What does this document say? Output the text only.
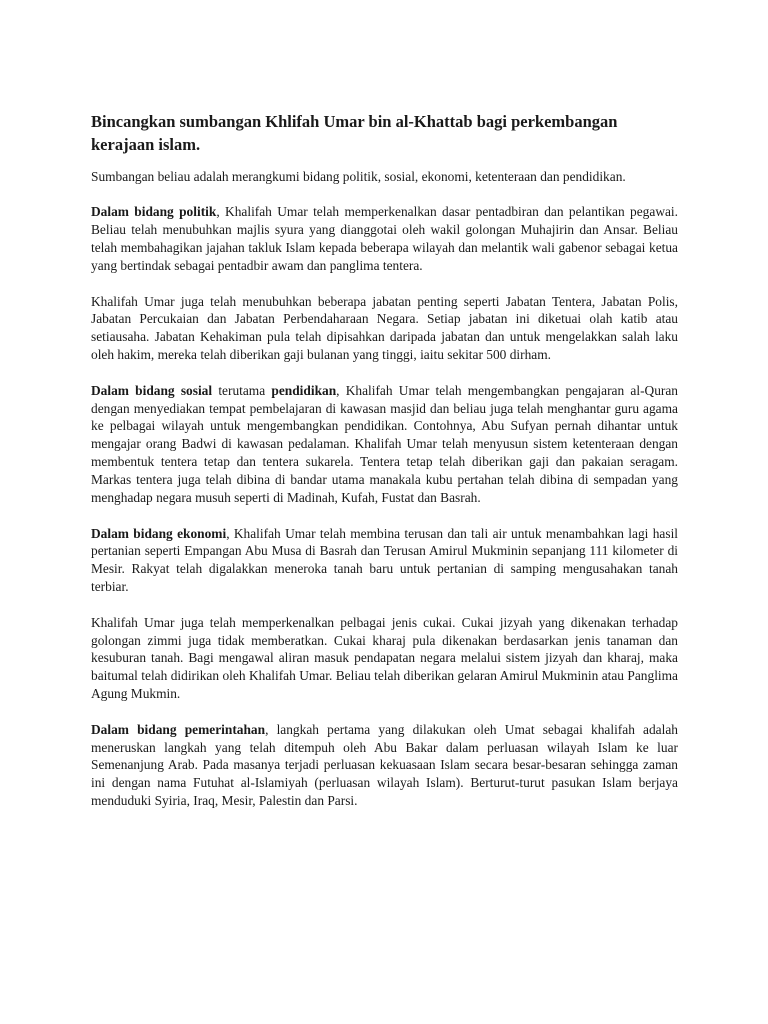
Bincangkan sumbangan Khlifah Umar bin al-Khattab bagi perkembangan kerajaan islam.

Sumbangan beliau adalah merangkumi bidang politik, sosial, ekonomi, ketenteraan dan pendidikan.

Dalam bidang politik, Khalifah Umar telah memperkenalkan dasar pentadbiran dan pelantikan pegawai. Beliau telah menubuhkan majlis syura yang dianggotai oleh wakil golongan Muhajirin dan Ansar. Beliau telah membahagikan jajahan takluk Islam kepada beberapa wilayah dan melantik wali gabenor sebagai ketua yang bertindak sebagai pentadbir awam dan panglima tentera.

Khalifah Umar juga telah menubuhkan beberapa jabatan penting seperti Jabatan Tentera, Jabatan Polis, Jabatan Percukaian dan Jabatan Perbendaharaan Negara. Setiap jabatan ini diketuai olah katib atau setiausaha. Jabatan Kehakiman pula telah dipisahkan daripada jabatan dan untuk mengelakkan salah laku oleh hakim, mereka telah diberikan gaji bulanan yang tinggi, iaitu sekitar 500 dirham.

Dalam bidang sosial terutama pendidikan, Khalifah Umar telah mengembangkan pengajaran al-Quran dengan menyediakan tempat pembelajaran di kawasan masjid dan beliau juga telah menghantar guru agama ke pelbagai wilayah untuk mengembangkan pendidikan. Contohnya, Abu Sufyan pernah dihantar untuk mengajar orang Badwi di kawasan pedalaman. Khalifah Umar telah menyusun sistem ketenteraan dengan membentuk tentera tetap dan tentera sukarela. Tentera tetap telah diberikan gaji dan pakaian seragam. Markas tentera juga telah dibina di bandar utama manakala kubu pertahan telah dibina di sempadan yang menghadap negara musuh seperti di Madinah, Kufah, Fustat dan Basrah.

Dalam bidang ekonomi, Khalifah Umar telah membina terusan dan tali air untuk menambahkan lagi hasil pertanian seperti Empangan Abu Musa di Basrah dan Terusan Amirul Mukminin sepanjang 111 kilometer di Mesir. Rakyat telah digalakkan meneroka tanah baru untuk pertanian di samping mengusahakan tanah terbiar.

Khalifah Umar juga telah memperkenalkan pelbagai jenis cukai. Cukai jizyah yang dikenakan terhadap golongan zimmi juga tidak memberatkan. Cukai kharaj pula dikenakan berdasarkan jenis tanaman dan kesuburan tanah. Bagi mengawal aliran masuk pendapatan negara melalui sistem jizyah dan kharaj, maka baitumal telah didirikan oleh Khalifah Umar. Beliau telah diberikan gelaran Amirul Mukminin atau Panglima Agung Mukmin.

Dalam bidang pemerintahan, langkah pertama yang dilakukan oleh Umat sebagai khalifah adalah meneruskan langkah yang telah ditempuh oleh Abu Bakar dalam perluasan wilayah Islam ke luar Semenanjung Arab. Pada masanya terjadi perluasan kekuasaan Islam secara besar-besaran sehingga zaman ini dengan nama Futuhat al-Islamiyah (perluasan wilayah Islam). Berturut-turut pasukan Islam berjaya menduduki Syiria, Iraq, Mesir, Palestin dan Parsi.
